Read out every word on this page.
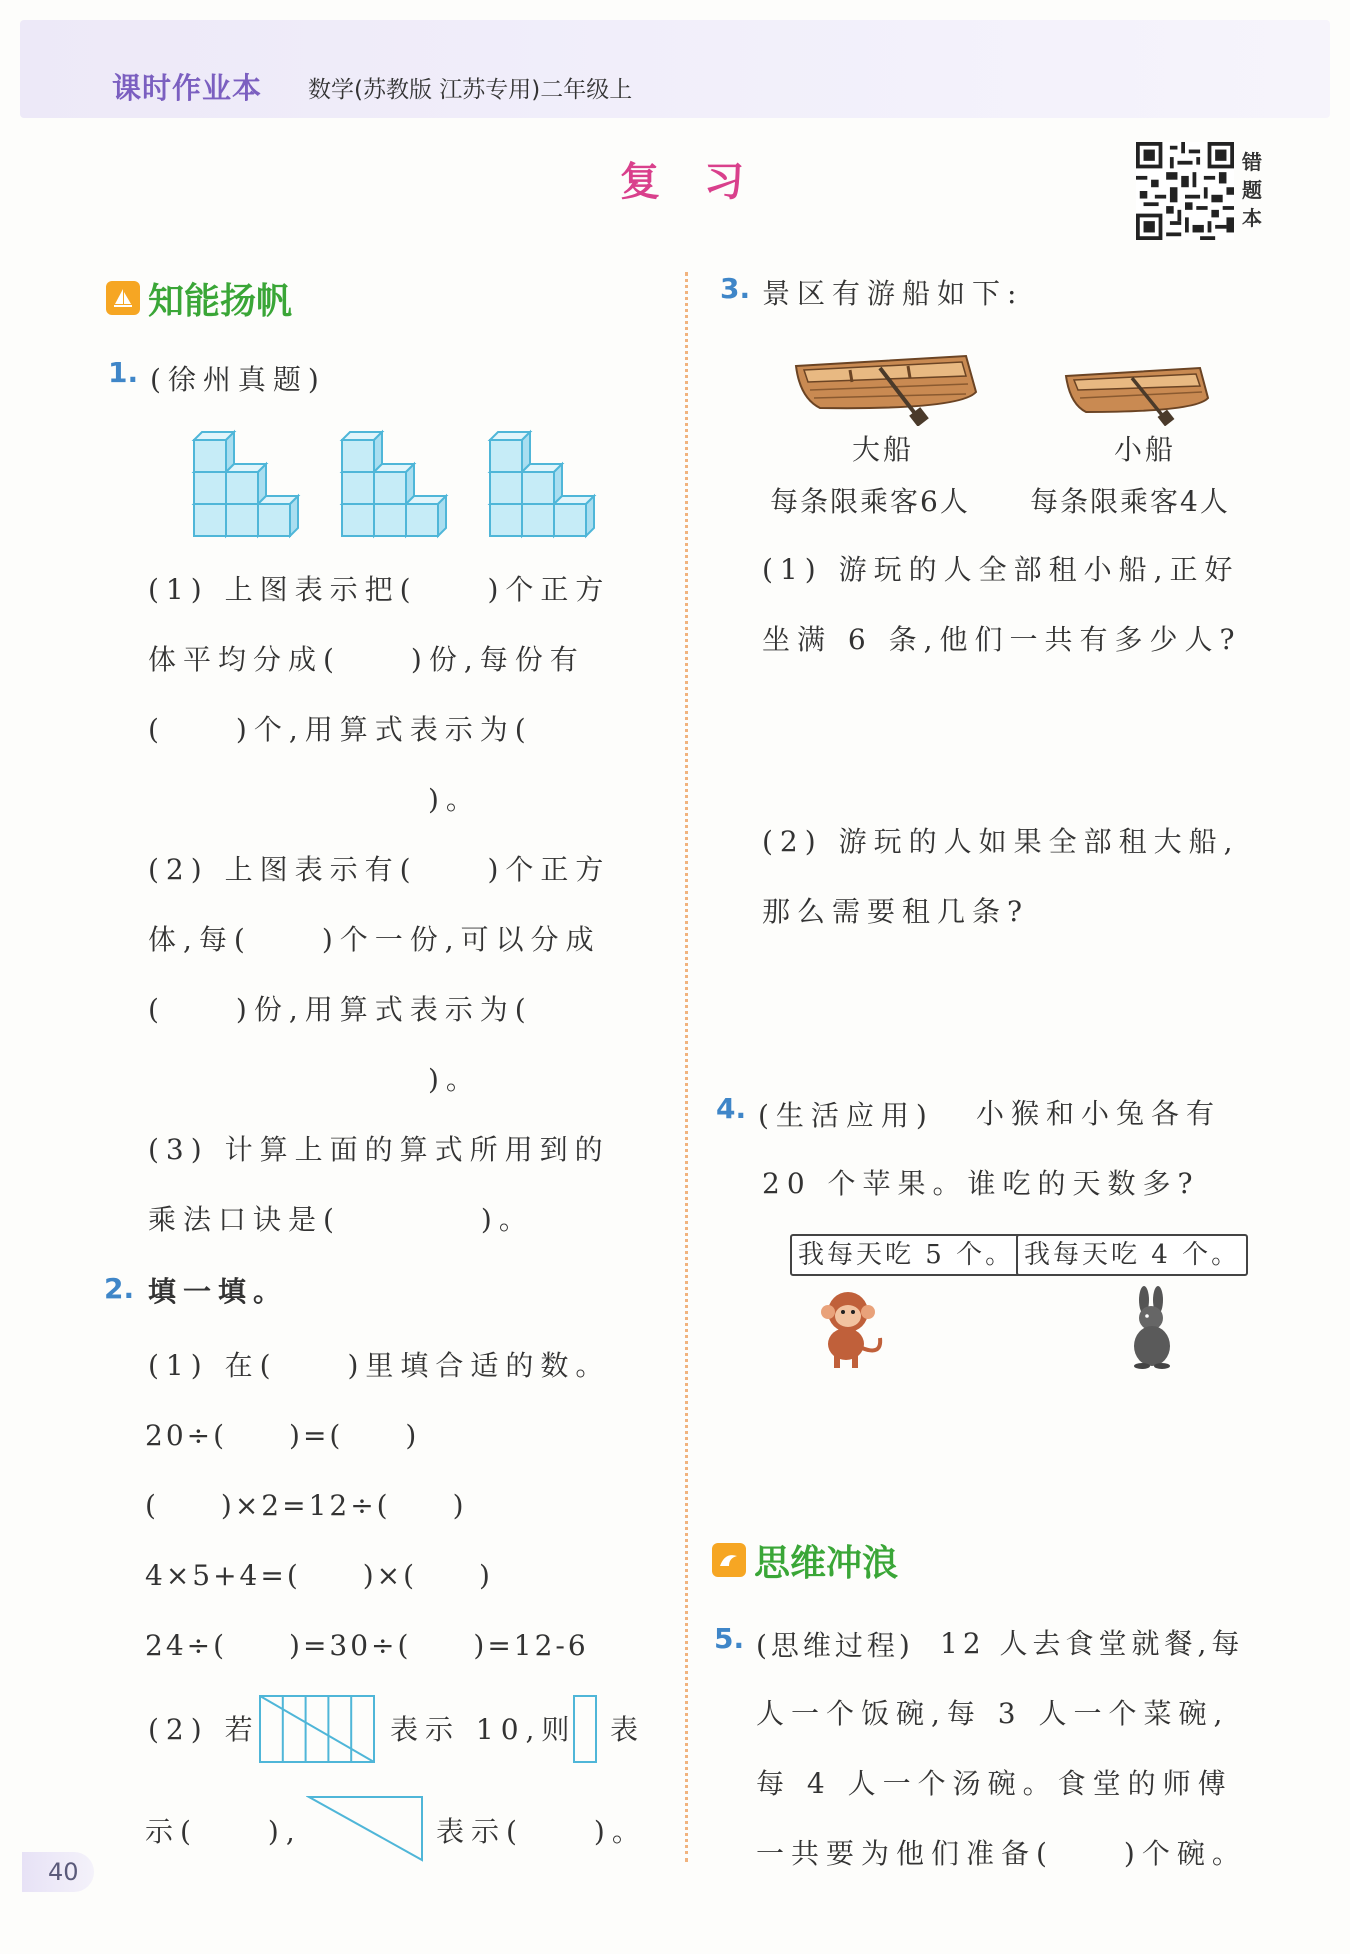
课时作业本 数学(苏教版 江苏专用)二年级上
复习	错题本
知能扬帆
1. (徐州真题)
(1) 上图表示把(　　)个正方
体平均分成(　　)份,每份有
(　　)个,用算式表示为(
　　　　　　　　)。
(2) 上图表示有(　　)个正方
体,每(　　)个一份,可以分成
(　　)份,用算式表示为(
　　　　　　　　)。
(3) 计算上面的算式所用到的
乘法口诀是(　　　　)。
2. 填一填。
(1) 在(　　)里填合适的数。
20÷(　　)=(　　)
(　　)×2=12÷(　　)
4×5+4=(　　)×(　　)
24÷(　　)=30÷(　　)=12-6
(2) 若	表示 10,则 表
示(　　),	表示(　　)。
3. 景区有游船如下:
大船	小船
每条限乘客6人 每条限乘客4人
(1) 游玩的人全部租小船,正好
坐满 6 条,他们一共有多少人?
(2) 游玩的人如果全部租大船,
那么需要租几条?
4. (生活应用) 小猴和小兔各有
20 个苹果。谁吃的天数多?
我每天吃 5 个。 我每天吃 4 个。
思维冲浪
5. (思维过程) 12 人去食堂就餐,每
人一个饭碗,每 3 人一个菜碗,
每 4 人一个汤碗。食堂的师傅
一共要为他们准备(　　)个碗。
40
